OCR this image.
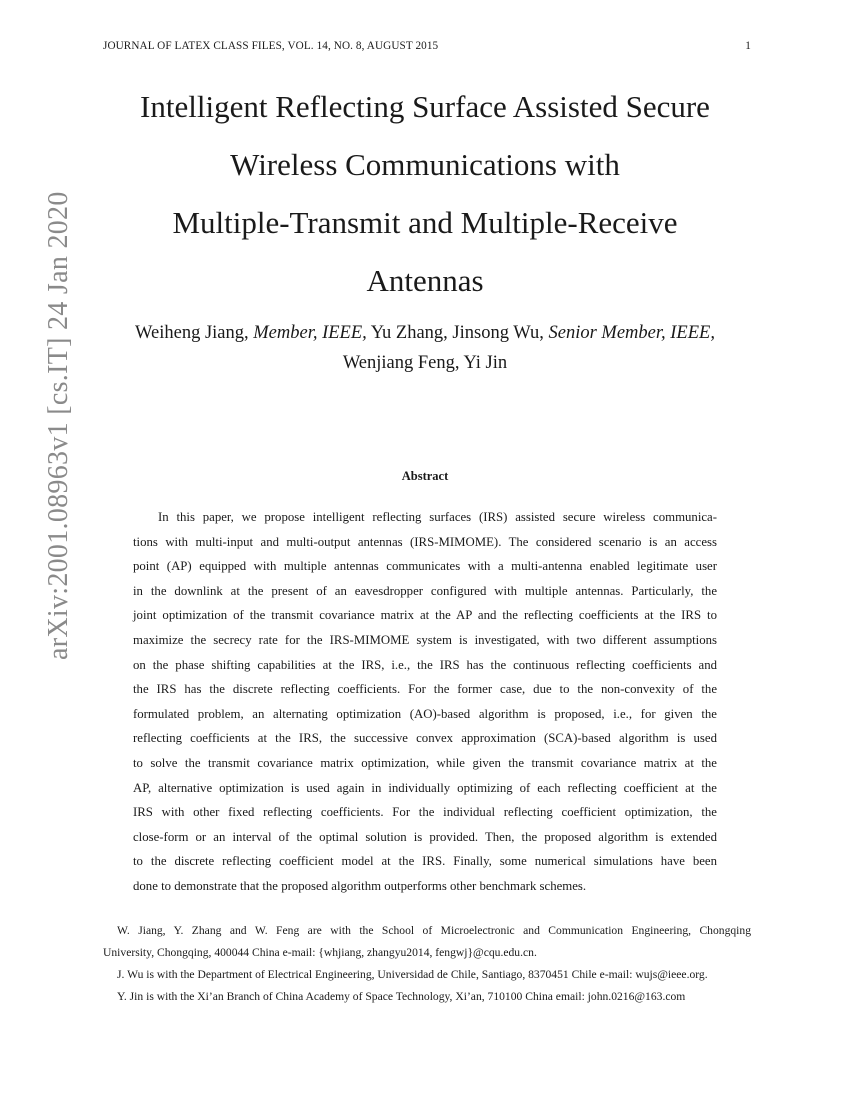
JOURNAL OF LATEX CLASS FILES, VOL. 14, NO. 8, AUGUST 2015	1
arXiv:2001.08963v1 [cs.IT] 24 Jan 2020
Intelligent Reflecting Surface Assisted Secure
Wireless Communications with
Multiple-Transmit and Multiple-Receive
Antennas
Weiheng Jiang, Member, IEEE, Yu Zhang, Jinsong Wu, Senior Member, IEEE,
Wenjiang Feng, Yi Jin
Abstract

In this paper, we propose intelligent reflecting surfaces (IRS) assisted secure wireless communica-
tions with multi-input and multi-output antennas (IRS-MIMOME). The considered scenario is an access
point (AP) equipped with multiple antennas communicates with a multi-antenna enabled legitimate user
in the downlink at the present of an eavesdropper configured with multiple antennas. Particularly, the
joint optimization of the transmit covariance matrix at the AP and the reflecting coefficients at the IRS to
maximize the secrecy rate for the IRS-MIMOME system is investigated, with two different assumptions
on the phase shifting capabilities at the IRS, i.e., the IRS has the continuous reflecting coefficients and
the IRS has the discrete reflecting coefficients. For the former case, due to the non-convexity of the
formulated problem, an alternating optimization (AO)-based algorithm is proposed, i.e., for given the
reflecting coefficients at the IRS, the successive convex approximation (SCA)-based algorithm is used
to solve the transmit covariance matrix optimization, while given the transmit covariance matrix at the
AP, alternative optimization is used again in individually optimizing of each reflecting coefficient at the
IRS with other fixed reflecting coefficients. For the individual reflecting coefficient optimization, the
close-form or an interval of the optimal solution is provided. Then, the proposed algorithm is extended
to the discrete reflecting coefficient model at the IRS. Finally, some numerical simulations have been
done to demonstrate that the proposed algorithm outperforms other benchmark schemes.

W. Jiang, Y. Zhang and W. Feng are with the School of Microelectronic and Communication Engineering, Chongqing
University, Chongqing, 400044 China e-mail: {whjiang, zhangyu2014, fengwj}@cqu.edu.cn.
J. Wu is with the Department of Electrical Engineering, Universidad de Chile, Santiago, 8370451 Chile e-mail: wujs@ieee.org.
Y. Jin is with the Xi’an Branch of China Academy of Space Technology, Xi’an, 710100 China email: john.0216@163.com
